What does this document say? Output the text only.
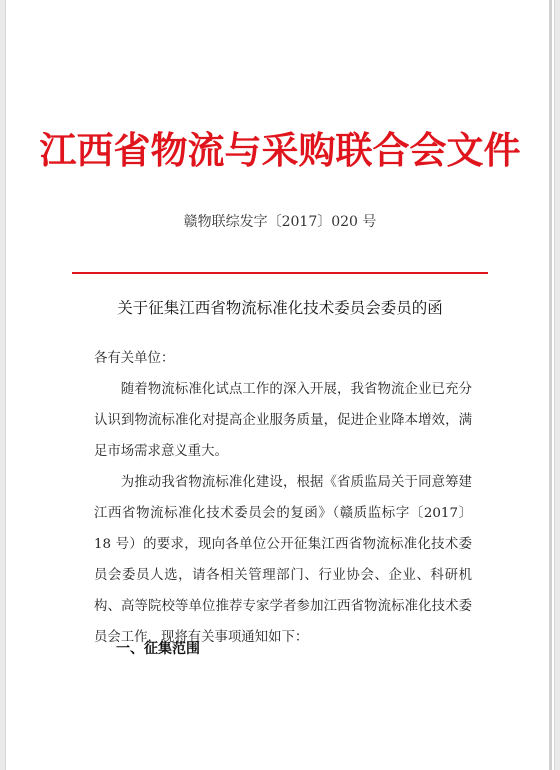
江西省物流与采购联合会文件
赣物联综发字〔2017〕020 号
关于征集江西省物流标准化技术委员会委员的函

各有关单位：

随着物流标准化试点工作的深入开展，我省物流企业已充分认识到物流标准化对提高企业服务质量，促进企业降本增效，满足市场需求意义重大。

为推动我省物流标准化建设，根据《省质监局关于同意筹建江西省物流标准化技术委员会的复函》（赣质监标字〔2017〕18 号）的要求，现向各单位公开征集江西省物流标准化技术委员会委员人选，请各相关管理部门、行业协会、企业、科研机构、高等院校等单位推荐专家学者参加江西省物流标准化技术委员会工作，现将有关事项通知如下：

一、征集范围
